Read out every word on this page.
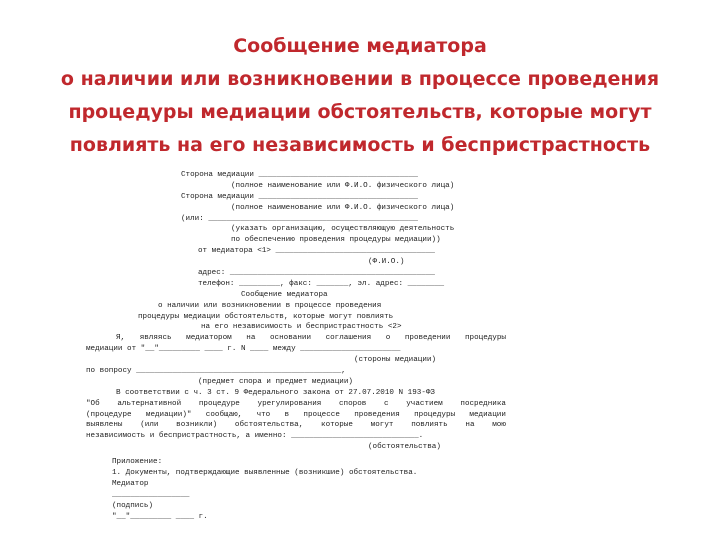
Сообщение медиатора
о наличии или возникновении в процессе проведения
процедуры медиации обстоятельств, которые могут
повлиять на его независимость и беспристрастность
Сторона медиации ___________________________________
(полное наименование или Ф.И.О. физического лица)
Сторона медиации ___________________________________
(полное наименование или Ф.И.О. физического лица)
(или: ______________________________________________
(указать организацию, осуществляющую деятельность
по обеспечению проведения процедуры медиации))
от медиатора <1> ___________________________________
(Ф.И.О.)
адрес: _____________________________________________
телефон: _________, факс: _______, эл. адрес: ________
Сообщение медиатора
о наличии или возникновении в процессе проведения
процедуры медиации обстоятельств, которые могут повлиять
на его независимость и беспристрастность <2>
Я, являясь медиатором на основании соглашения о проведении процедуры
медиации от "__"_________ ____ г. N ____ между ______________________
(стороны медиации)
по вопросу _____________________________________________,
(предмет спора и предмет медиации)
В соответствии с ч. 3 ст. 9 Федерального закона от 27.07.2010 N 193-ФЗ
"Об альтернативной процедуре урегулирования споров с участием посредника
(процедуре медиации)" сообщаю, что в процессе проведения процедуры медиации
выявлены (или возникли) обстоятельства, которые могут повлиять на мою
независимость и беспристрастность, а именно: ____________________________.
(обстоятельства)
Приложение:
1. Документы, подтверждающие выявленные (возникшие) обстоятельства.
Медиатор
_________________
(подпись)
"__"_________ ____ г.
